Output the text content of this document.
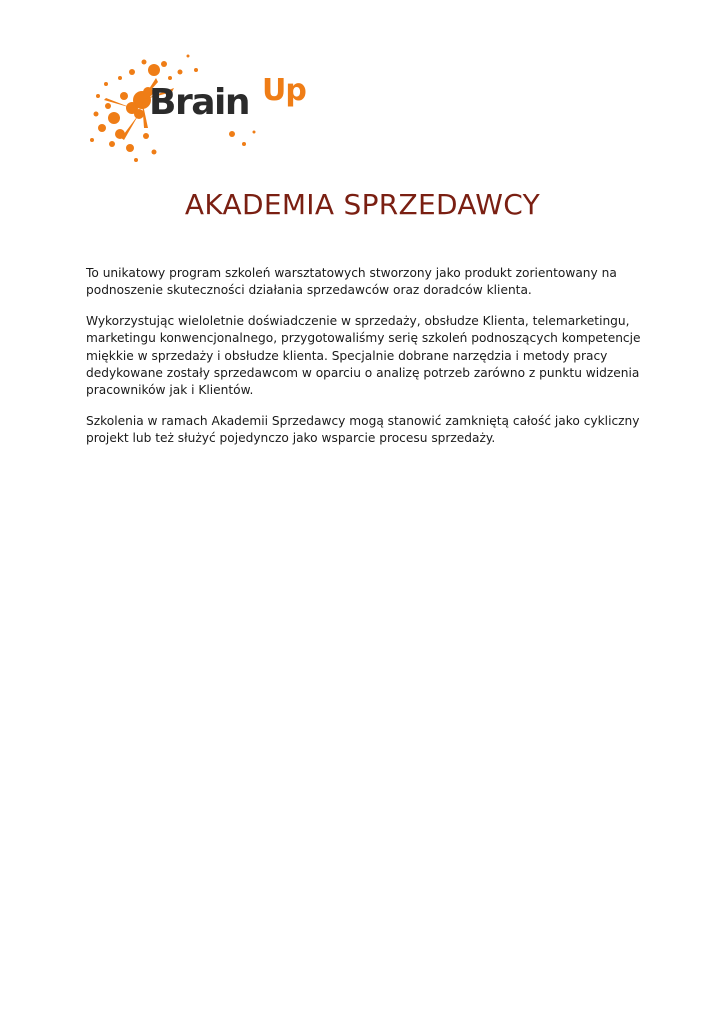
Brain Up
AKADEMIA SPRZEDAWCY

To unikatowy program szkoleń warsztatowych stworzony jako produkt zorientowany na podnoszenie skuteczności działania sprzedawców oraz doradców klienta.

Wykorzystując wieloletnie doświadczenie w sprzedaży, obsłudze Klienta, telemarketingu, marketingu konwencjonalnego, przygotowaliśmy serię szkoleń podnoszących kompetencje miękkie w sprzedaży i obsłudze klienta. Specjalnie dobrane narzędzia i metody pracy dedykowane zostały sprzedawcom w oparciu o analizę potrzeb zarówno z punktu widzenia pracowników jak i Klientów.

Szkolenia w ramach Akademii Sprzedawcy mogą stanowić zamkniętą całość jako cykliczny projekt lub też służyć pojedynczo jako wsparcie procesu sprzedaży.
